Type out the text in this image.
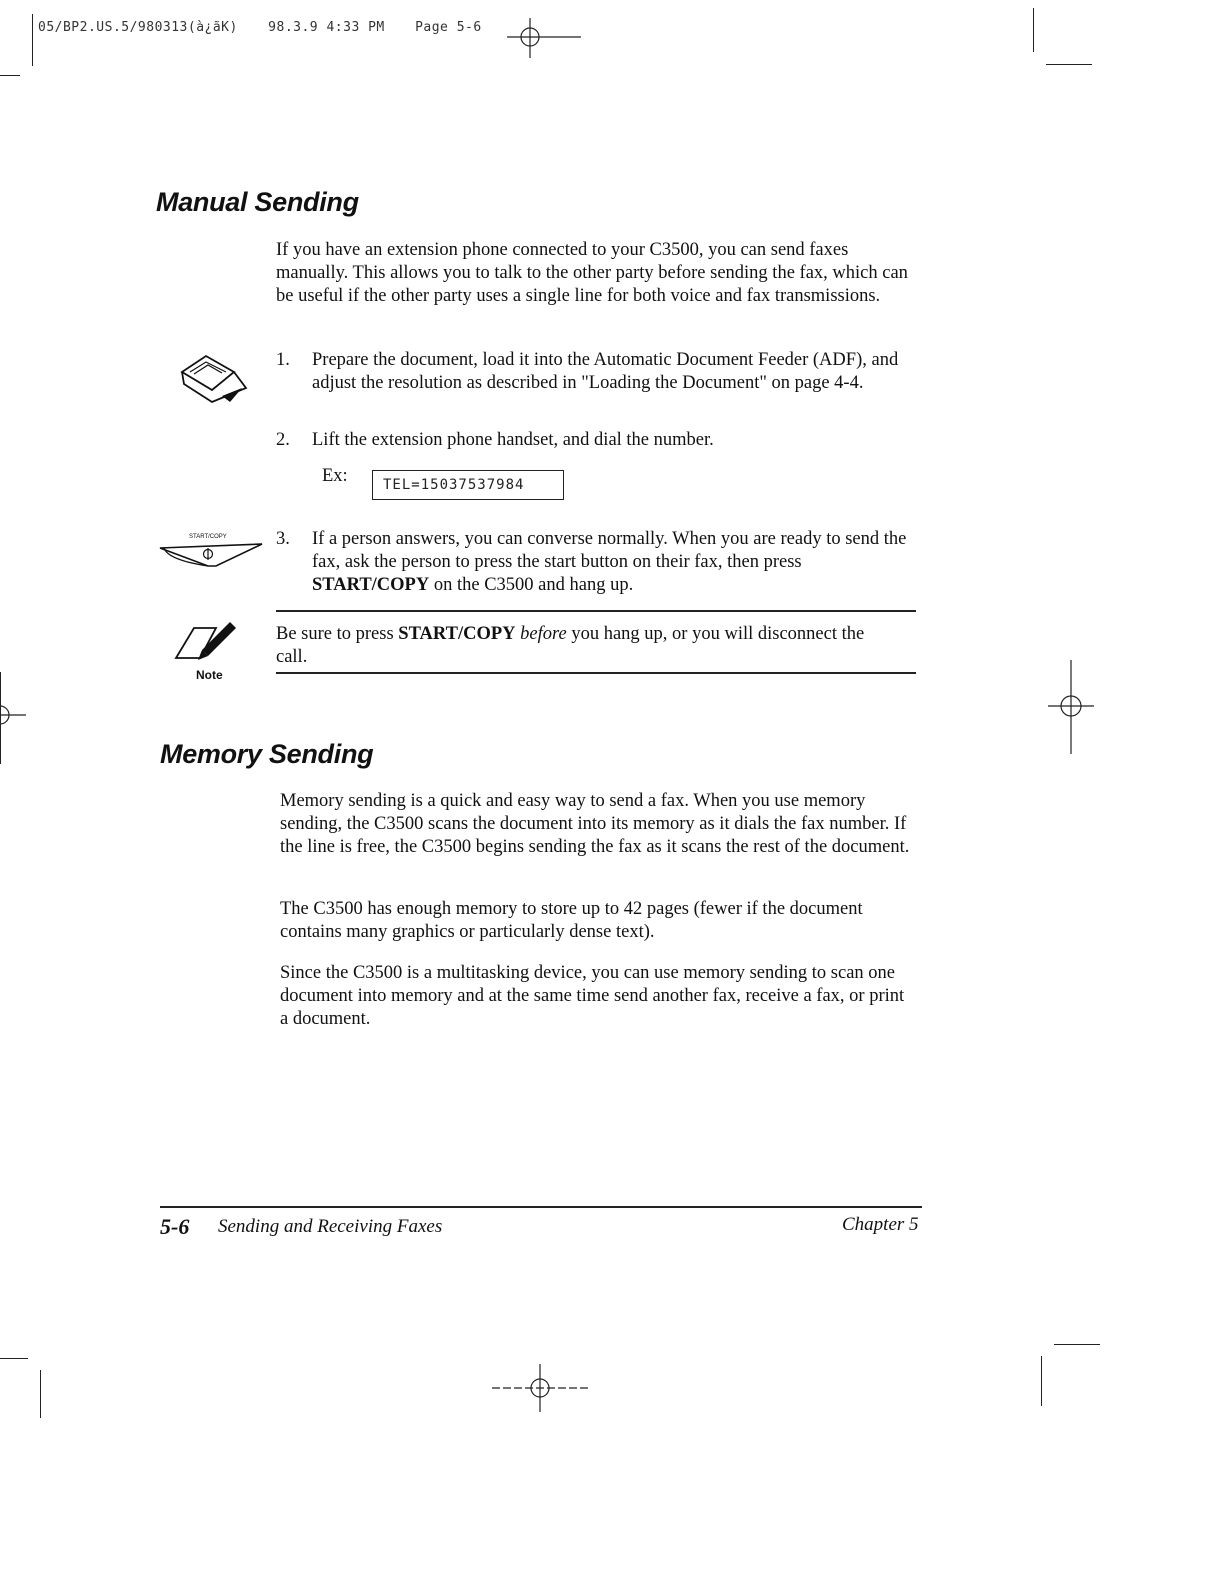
05/BP2.US.5/980313(à¿ãK) 98.3.9 4:33 PM Page 5-6
Manual Sending
If you have an extension phone connected to your C3500, you can send faxes manually. This allows you to talk to the other party before sending the fax, which can be useful if the other party uses a single line for both voice and fax transmissions.
1.	Prepare the document, load it into the Automatic Document Feeder (ADF), and adjust the resolution as described in "Loading the Document" on page 4-4.
2.	Lift the extension phone handset, and dial the number.
Ex:	TEL=15037537984
START/COPY	3.	If a person answers, you can converse normally. When you are ready to send the fax, ask the person to press the start button on their fax, then press START/COPY on the C3500 and hang up.
Note
Be sure to press START/COPY before you hang up, or you will disconnect the call.
Memory Sending
Memory sending is a quick and easy way to send a fax. When you use memory sending, the C3500 scans the document into its memory as it dials the fax number. If the line is free, the C3500 begins sending the fax as it scans the rest of the document.
The C3500 has enough memory to store up to 42 pages (fewer if the document contains many graphics or particularly dense text).
Since the C3500 is a multitasking device, you can use memory sending to scan one document into memory and at the same time send another fax, receive a fax, or print a document.
5-6 Sending and Receiving Faxes	Chapter 5
